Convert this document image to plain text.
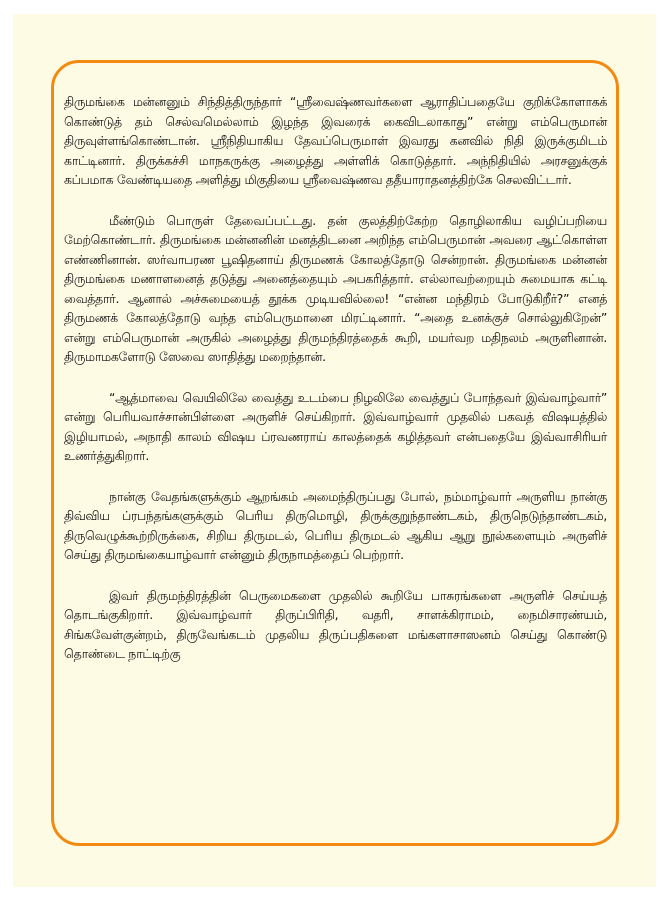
திருமங்கை மன்னனும் சிந்தித்திருந்தார் “ஸ்ரீவைஷ்ணவர்களை ஆராதிப்பதையே குறிக்கோளாகக் கொண்டுத் தம் செல்வமெல்லாம் இழந்த இவரைக் கைவிடலாகாது” என்று எம்பெருமான் திருவுள்ளங்கொண்டான். ஸ்ரீநிதியாகிய தேவப்பெருமாள் இவரது கனவில் நிதி இருக்குமிடம் காட்டினார். திருக்கச்சி மாநகருக்கு அழைத்து அள்ளிக் கொடுத்தார். அந்நிதியில் அரசனுக்குக் கப்பமாக வேண்டியதை அளித்து மிகுதியை ஸ்ரீவைஷ்ணவ ததீயாராதனத்திற்கே செலவிட்டார்.

மீண்டும் பொருள் தேவைப்பட்டது. தன் குலத்திற்கேற்ற தொழிலாகிய வழிப்பறியை மேற்கொண்டார். திருமங்கை மன்னனின் மனத்திடனை அறிந்த எம்பெருமான் அவரை ஆட்கொள்ள எண்ணினான். ஸர்வாபரண பூஷிதனாய் திருமணக் கோலத்தோடு சென்றான். திருமங்கை மன்னன் திருமங்கை மணாளனைத் தடுத்து அனைத்தையும் அபகரித்தார். எல்லாவற்றையும் சுமையாக கட்டி வைத்தார். ஆனால் அச்சுமையைத் தூக்க முடியவில்லை! “என்ன மந்திரம் போடுகிறீர்?” எனத் திருமணக் கோலத்தோடு வந்த எம்பெருமானை மிரட்டினார். “அதை உனக்குச் சொல்லுகிறேன்” என்று எம்பெருமான் அருகில் அழைத்து திருமந்திரத்தைக் கூறி, மயர்வற மதிநலம் அருளினான். திருமாமகளோடு ஸேவை ஸாதித்து மறைந்தான்.

“ஆத்மாவை வெயிலிலே வைத்து உடம்பை நிழலிலே வைத்துப் போந்தவர் இவ்வாழ்வார்” என்று பெரியவாச்சான்பிள்ளை அருளிச் செய்கிறார். இவ்வாழ்வார் முதலில் பகவத் விஷயத்தில் இழியாமல், அநாதி காலம் விஷய ப்ரவணராய் காலத்தைக் கழித்தவர் என்பதையே இவ்வாசிரியர் உணர்த்துகிறார்.

நான்கு வேதங்களுக்கும் ஆறங்கம் அமைந்திருப்பது போல், நம்மாழ்வார் அருளிய நான்கு திவ்விய ப்ரபந்தங்களுக்கும் பெரிய திருமொழி, திருக்குறுந்தாண்டகம், திருநெடுந்தாண்டகம், திருவெழுக்கூற்றிருக்கை, சிறிய திருமடல், பெரிய திருமடல் ஆகிய ஆறு நூல்களையும் அருளிச் செய்து திருமங்கையாழ்வார் என்னும் திருநாமத்தைப் பெற்றார்.

இவர் திருமந்திரத்தின் பெருமைகளை முதலில் கூறியே பாசுரங்களை அருளிச் செய்யத் தொடங்குகிறார். இவ்வாழ்வார் திருப்பிரிதி, வதரி, சாளக்கிராமம், நைமிசாரண்யம், சிங்கவேள்குன்றம், திருவேங்கடம் முதலிய திருப்பதிகளை மங்களாசாஸனம் செய்து கொண்டு தொண்டை நாட்டிற்கு
